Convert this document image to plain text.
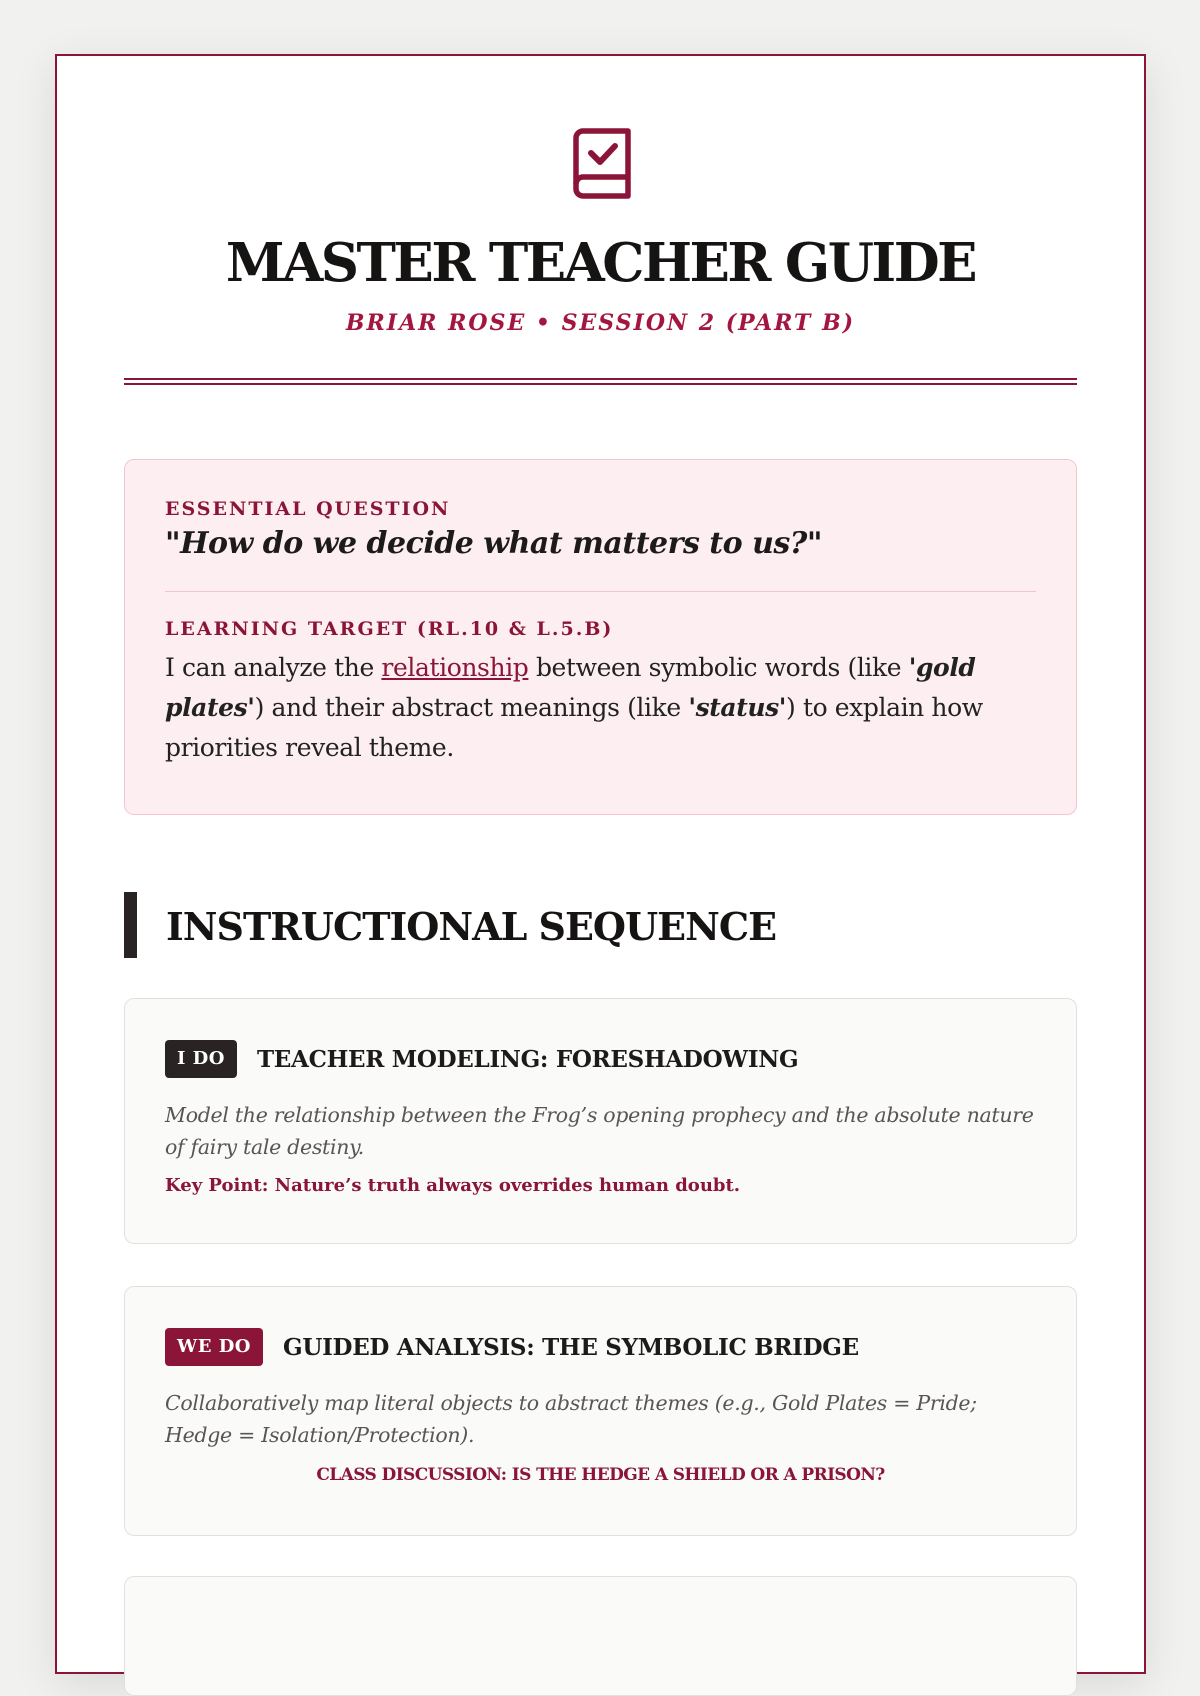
MASTER TEACHER GUIDE
BRIAR ROSE • SESSION 2 (PART B)
ESSENTIAL QUESTION

"How do we decide what matters to us?"

LEARNING TARGET (RL.10 & L.5.B)

I can analyze the relationship between symbolic words (like 'gold plates') and their abstract meanings (like 'status') to explain how priorities reveal theme.

INSTRUCTIONAL SEQUENCE
I DO	TEACHER MODELING: FORESHADOWING

Model the relationship between the Frog’s opening prophecy and the absolute nature of fairy tale destiny.

Key Point: Nature’s truth always overrides human doubt.

WE DO	GUIDED ANALYSIS: THE SYMBOLIC BRIDGE

Collaboratively map literal objects to abstract themes (e.g., Gold Plates = Pride; Hedge = Isolation/Protection).

CLASS DISCUSSION: IS THE HEDGE A SHIELD OR A PRISON?
